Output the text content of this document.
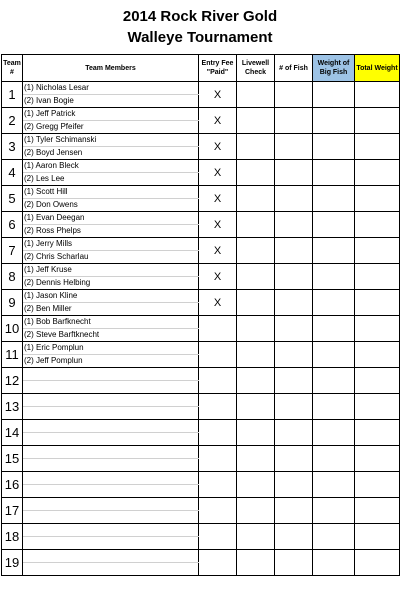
2014 Rock River Gold
Walleye Tournament
Team #	Team Members	Entry Fee "Paid"	Livewell Check	# of Fish	Weight of Big Fish	Total Weight
1	(1) Nicholas Lesar	X				
	(2) Ivan Bogie					
2	(1) Jeff Patrick	X				
	(2) Gregg Pfeifer					
3	(1) Tyler Schimanski	X				
	(2) Boyd Jensen					
4	(1) Aaron Bleck	X				
	(2) Les Lee					
5	(1) Scott Hill	X				
	(2) Don Owens					
6	(1) Evan Deegan	X				
	(2) Ross Phelps					
7	(1) Jerry Mills	X				
	(2) Chris Scharlau					
8	(1) Jeff Kruse	X				
	(2) Dennis Helbing					
9	(1) Jason Kline	X				
	(2) Ben Miller					
10	(1) Bob Barfknecht					
	(2) Steve Barftknecht					
11	(1) Eric Pomplun					
	(2) Jeff Pomplun					
12						

13						

14						

15						

16						

17						

18						

19						
